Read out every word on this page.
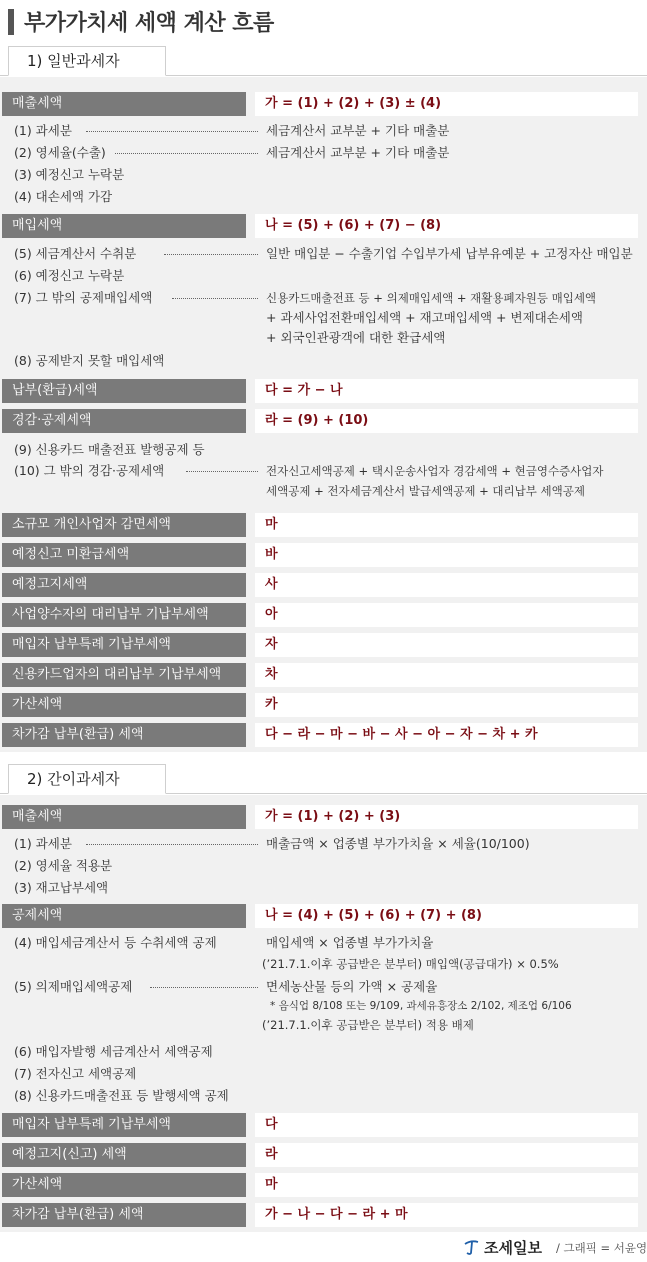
부가가치세 세액 계산 흐름
1) 일반과세자
매출세액	가 = (1) + (2) + (3) ± (4)
(1) 과세분	세금계산서 교부분 + 기타 매출분
(2) 영세율(수출)	세금계산서 교부분 + 기타 매출분
(3) 예정신고 누락분
(4) 대손세액 가감
매입세액	나 = (5) + (6) + (7) − (8)
(5) 세금계산서 수취분	일반 매입분 − 수출기업 수입부가세 납부유예분 + 고정자산 매입분
(6) 예정신고 누락분
(7) 그 밖의 공제매입세액	신용카드매출전표 등 + 의제매입세액 + 재활용폐자원등 매입세액
+ 과세사업전환매입세액 + 재고매입세액 + 변제대손세액
+ 외국인관광객에 대한 환급세액
(8) 공제받지 못할 매입세액
납부(환급)세액	다 = 가 − 나
경감·공제세액	라 = (9) + (10)
(9) 신용카드 매출전표 발행공제 등
(10) 그 밖의 경감·공제세액	전자신고세액공제 + 택시운송사업자 경감세액 + 현금영수증사업자
세액공제 + 전자세금계산서 발급세액공제 + 대리납부 세액공제
소규모 개인사업자 감면세액	마
예정신고 미환급세액	바
예정고지세액	사
사업양수자의 대리납부 기납부세액	아
매입자 납부특례 기납부세액	자
신용카드업자의 대리납부 기납부세액	차
가산세액	카
차가감 납부(환급) 세액	다 − 라 − 마 − 바 − 사 − 아 − 자 − 차 + 카
2) 간이과세자
매출세액	가 = (1) + (2) + (3)
(1) 과세분	매출금액 × 업종별 부가가치율 × 세율(10/100)
(2) 영세율 적용분
(3) 재고납부세액
공제세액	나 = (4) + (5) + (6) + (7) + (8)
(4) 매입세금계산서 등 수취세액 공제	매입세액 × 업종별 부가가치율
(’21.7.1.이후 공급받은 분부터) 매입액(공급대가) × 0.5%
(5) 의제매입세액공제	면세농산물 등의 가액 × 공제율
* 음식업 8/108 또는 9/109, 과세유흥장소 2/102, 제조업 6/106
(’21.7.1.이후 공급받은 분부터) 적용 배제
(6) 매입자발행 세금계산서 세액공제
(7) 전자신고 세액공제
(8) 신용카드매출전표 등 발행세액 공제
매입자 납부특례 기납부세액	다
예정고지(신고) 세액	라
가산세액	마
차가감 납부(환급) 세액	가 − 나 − 다 − 라 + 마
조세일보 / 그래픽 = 서윤영
